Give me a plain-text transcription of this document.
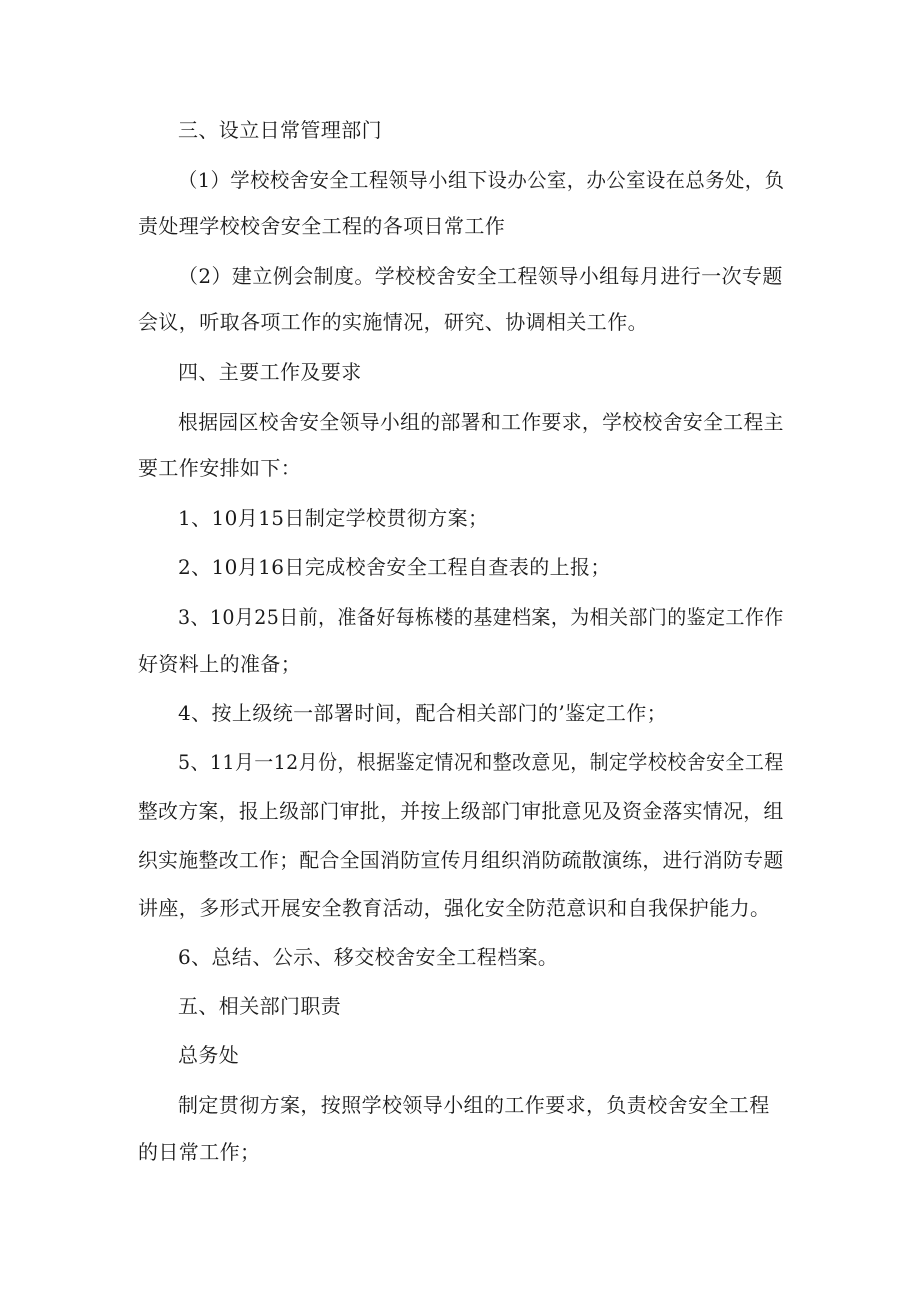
三、设立日常管理部门
（1）学校校舍安全工程领导小组下设办公室，办公室设在总务处，负
责处理学校校舍安全工程的各项日常工作
（2）建立例会制度。学校校舍安全工程领导小组每月进行一次专题
会议，听取各项工作的实施情况，研究、协调相关工作。
四、主要工作及要求
根据园区校舍安全领导小组的部署和工作要求，学校校舍安全工程主
要工作安排如下：
1、10月15日制定学校贯彻方案；
2、10月16日完成校舍安全工程自查表的上报；
3、10月25日前，准备好每栋楼的基建档案，为相关部门的鉴定工作作
好资料上的准备；
4、按上级统一部署时间，配合相关部门的’鉴定工作；
5、11月一12月份，根据鉴定情况和整改意见，制定学校校舍安全工程
整改方案，报上级部门审批，并按上级部门审批意见及资金落实情况，组
织实施整改工作；配合全国消防宣传月组织消防疏散演练，进行消防专题
讲座，多形式开展安全教育活动，强化安全防范意识和自我保护能力。
6、总结、公示、移交校舍安全工程档案。
五、相关部门职责
总务处
制定贯彻方案，按照学校领导小组的工作要求，负责校舍安全工程
的日常工作；
